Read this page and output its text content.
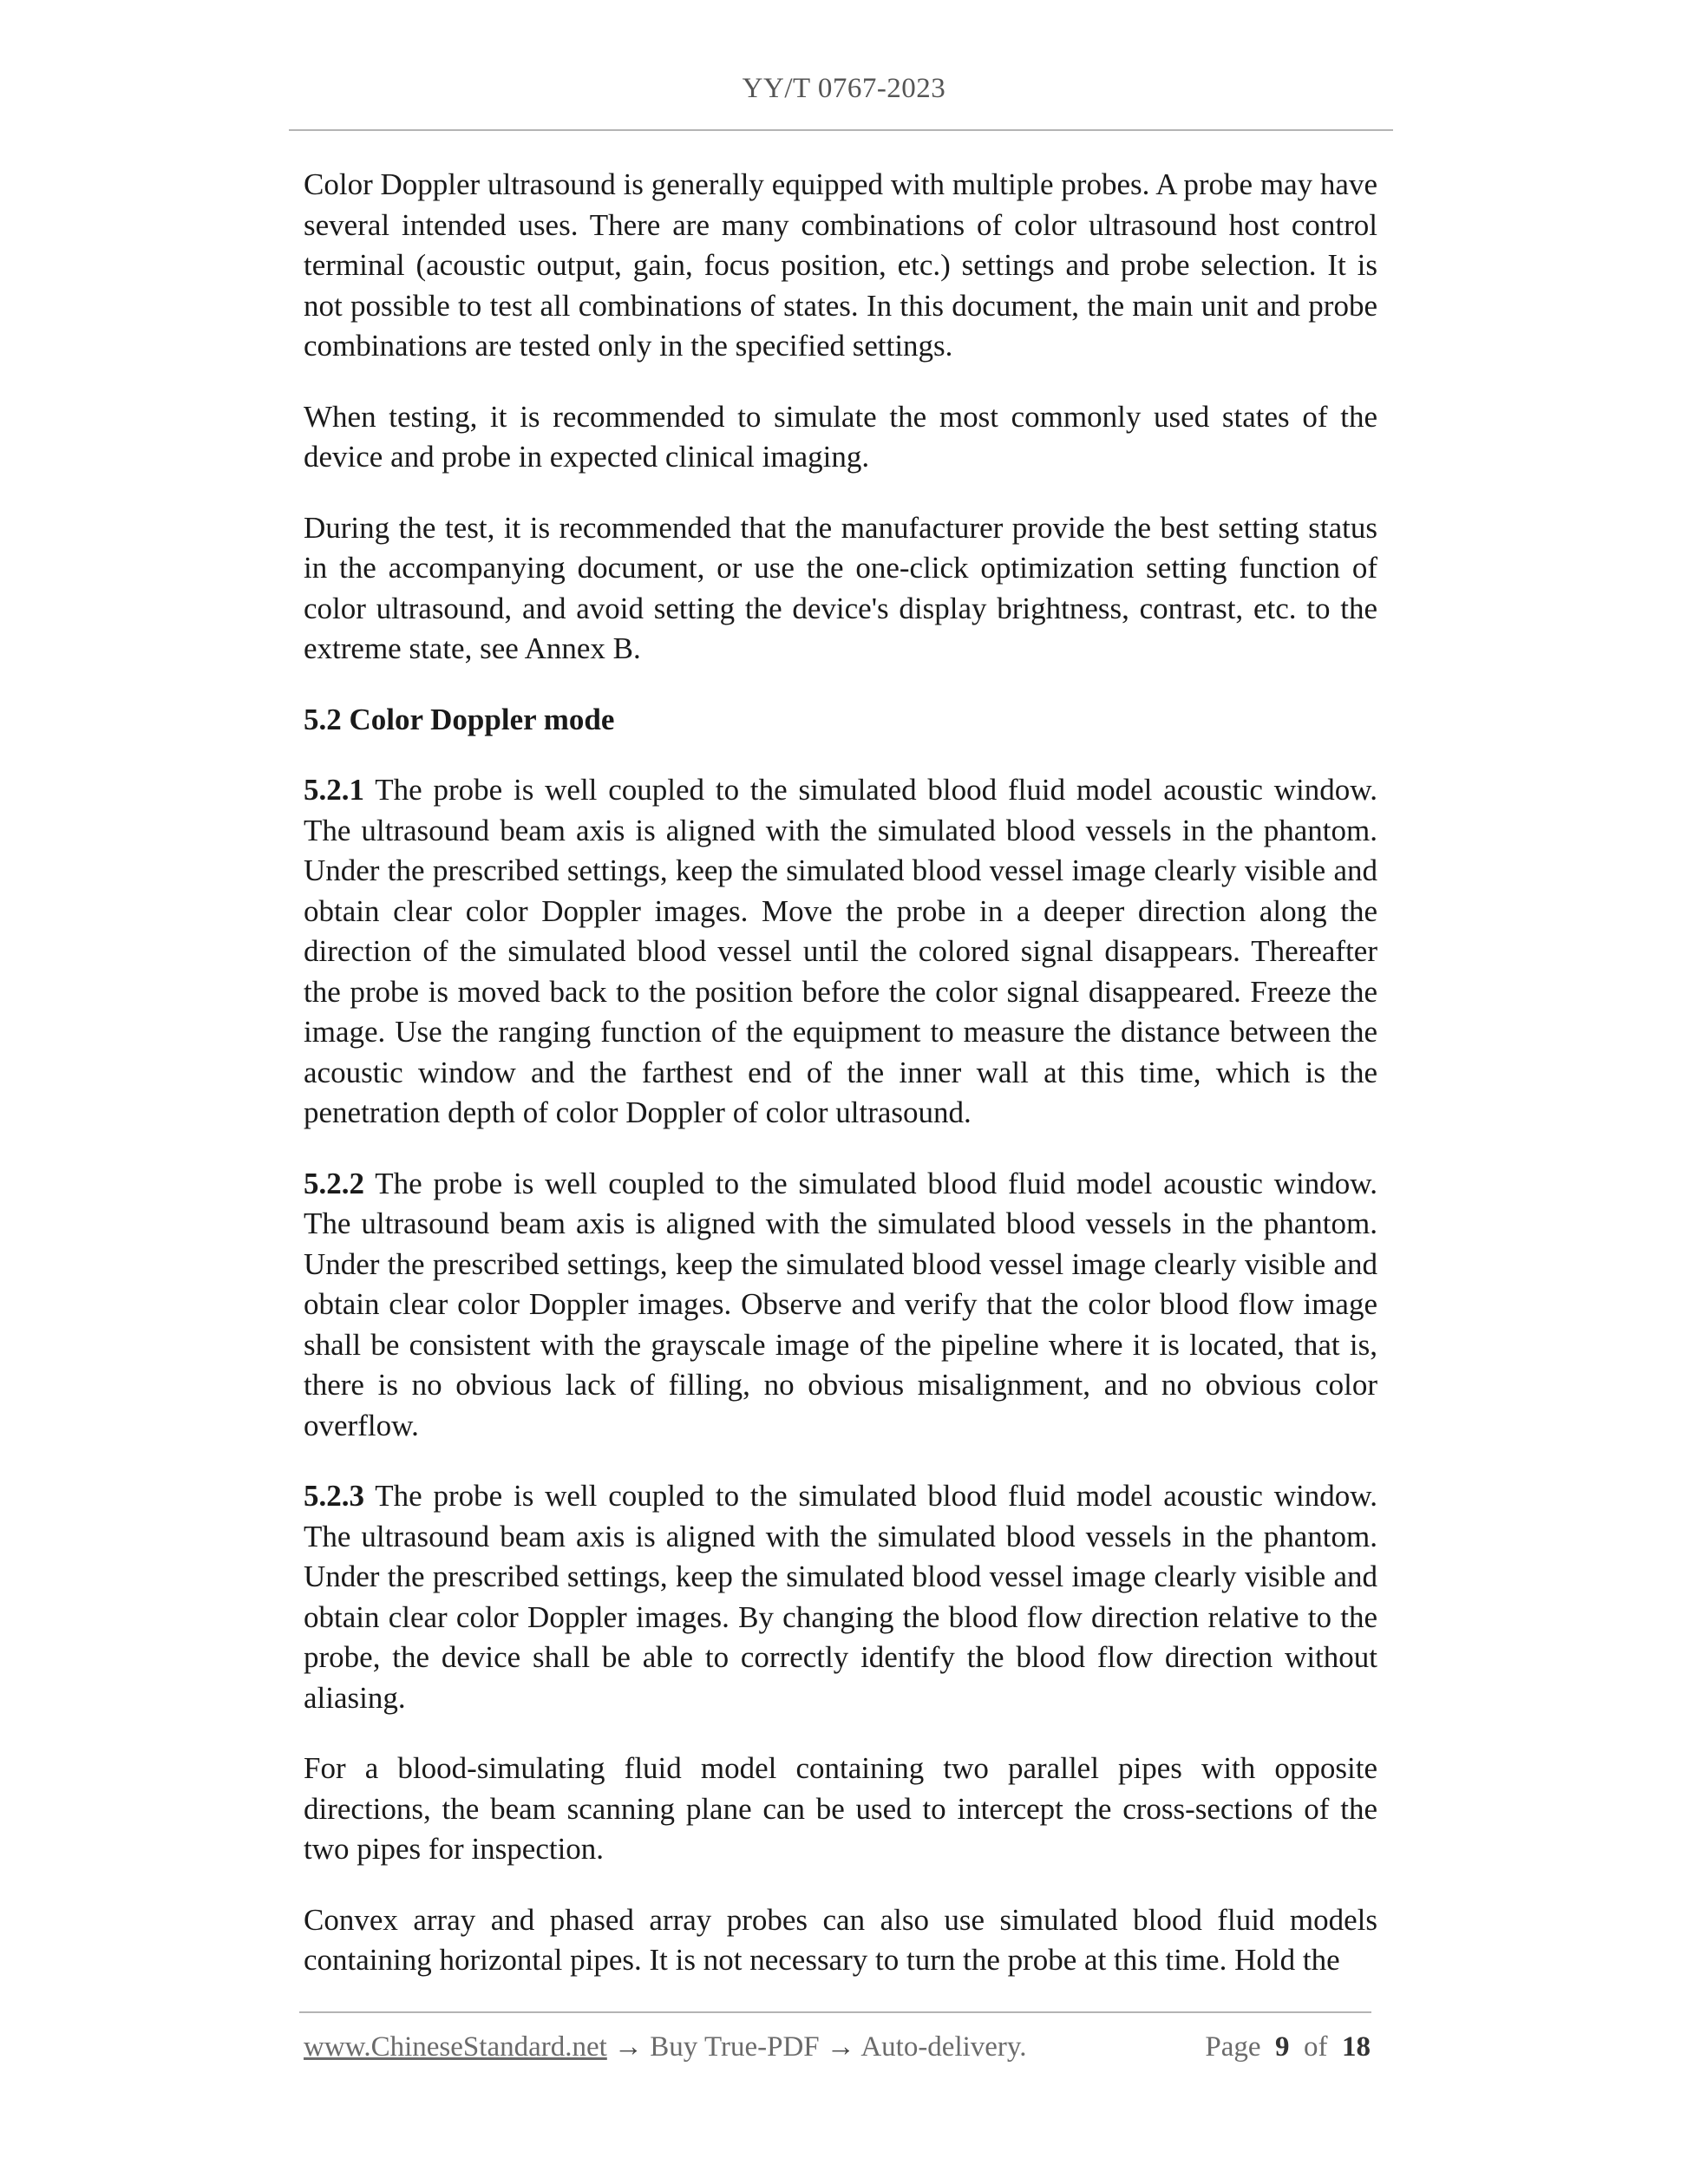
YY/T 0767-2023

Color Doppler ultrasound is generally equipped with multiple probes. A probe may have several intended uses. There are many combinations of color ultrasound host control terminal (acoustic output, gain, focus position, etc.) settings and probe selection. It is not possible to test all combinations of states. In this document, the main unit and probe combinations are tested only in the specified settings.

When testing, it is recommended to simulate the most commonly used states of the device and probe in expected clinical imaging.

During the test, it is recommended that the manufacturer provide the best setting status in the accompanying document, or use the one-click optimization setting function of color ultrasound, and avoid setting the device's display brightness, contrast, etc. to the extreme state, see Annex B.

5.2 Color Doppler mode

5.2.1 The probe is well coupled to the simulated blood fluid model acoustic window. The ultrasound beam axis is aligned with the simulated blood vessels in the phantom. Under the prescribed settings, keep the simulated blood vessel image clearly visible and obtain clear color Doppler images. Move the probe in a deeper direction along the direction of the simulated blood vessel until the colored signal disappears. Thereafter the probe is moved back to the position before the color signal disappeared. Freeze the image. Use the ranging function of the equipment to measure the distance between the acoustic window and the farthest end of the inner wall at this time, which is the penetration depth of color Doppler of color ultrasound.

5.2.2 The probe is well coupled to the simulated blood fluid model acoustic window. The ultrasound beam axis is aligned with the simulated blood vessels in the phantom. Under the prescribed settings, keep the simulated blood vessel image clearly visible and obtain clear color Doppler images. Observe and verify that the color blood flow image shall be consistent with the grayscale image of the pipeline where it is located, that is, there is no obvious lack of filling, no obvious misalignment, and no obvious color overflow.

5.2.3 The probe is well coupled to the simulated blood fluid model acoustic window. The ultrasound beam axis is aligned with the simulated blood vessels in the phantom. Under the prescribed settings, keep the simulated blood vessel image clearly visible and obtain clear color Doppler images. By changing the blood flow direction relative to the probe, the device shall be able to correctly identify the blood flow direction without aliasing.

For a blood-simulating fluid model containing two parallel pipes with opposite directions, the beam scanning plane can be used to intercept the cross-sections of the two pipes for inspection.

Convex array and phased array probes can also use simulated blood fluid models containing horizontal pipes. It is not necessary to turn the probe at this time. Hold the

www.ChineseStandard.net → Buy True-PDF → Auto-delivery.	Page 9 of 18
